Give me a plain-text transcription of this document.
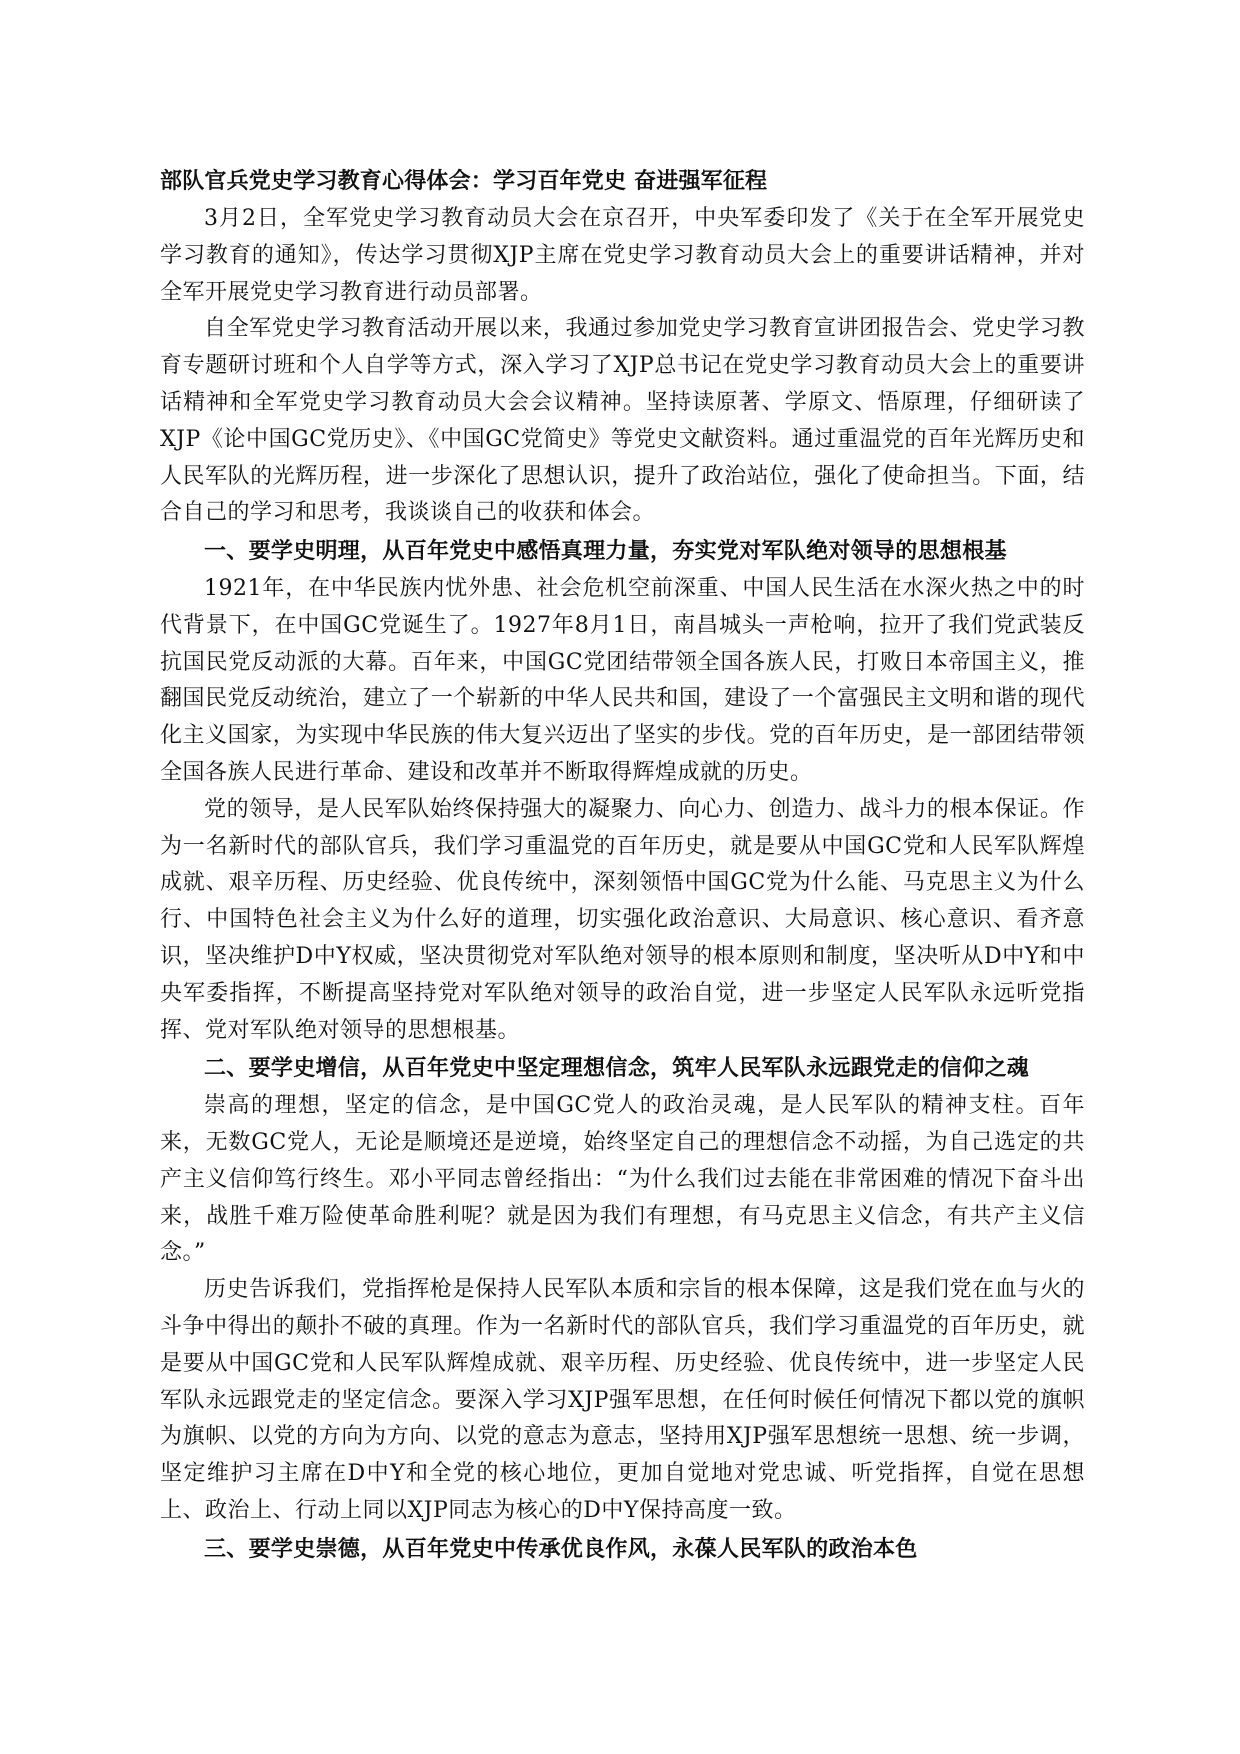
部队官兵党史学习教育心得体会：学习百年党史 奋进强军征程

3月2日，全军党史学习教育动员大会在京召开，中央军委印发了《关于在全军开展党史学习教育的通知》，传达学习贯彻XJP主席在党史学习教育动员大会上的重要讲话精神，并对全军开展党史学习教育进行动员部署。

自全军党史学习教育活动开展以来，我通过参加党史学习教育宣讲团报告会、党史学习教育专题研讨班和个人自学等方式，深入学习了XJP总书记在党史学习教育动员大会上的重要讲话精神和全军党史学习教育动员大会会议精神。坚持读原著、学原文、悟原理，仔细研读了XJP《论中国GC党历史》、《中国GC党简史》等党史文献资料。通过重温党的百年光辉历史和人民军队的光辉历程，进一步深化了思想认识，提升了政治站位，强化了使命担当。下面，结合自己的学习和思考，我谈谈自己的收获和体会。

一、要学史明理，从百年党史中感悟真理力量，夯实党对军队绝对领导的思想根基

1921年，在中华民族内忧外患、社会危机空前深重、中国人民生活在水深火热之中的时代背景下，在中国GC党诞生了。1927年8月1日，南昌城头一声枪响，拉开了我们党武装反抗国民党反动派的大幕。百年来，中国GC党团结带领全国各族人民，打败日本帝国主义，推翻国民党反动统治，建立了一个崭新的中华人民共和国，建设了一个富强民主文明和谐的现代化主义国家，为实现中华民族的伟大复兴迈出了坚实的步伐。党的百年历史，是一部团结带领全国各族人民进行革命、建设和改革并不断取得辉煌成就的历史。

党的领导，是人民军队始终保持强大的凝聚力、向心力、创造力、战斗力的根本保证。作为一名新时代的部队官兵，我们学习重温党的百年历史，就是要从中国GC党和人民军队辉煌成就、艰辛历程、历史经验、优良传统中，深刻领悟中国GC党为什么能、马克思主义为什么行、中国特色社会主义为什么好的道理，切实强化政治意识、大局意识、核心意识、看齐意识，坚决维护D中Y权威，坚决贯彻党对军队绝对领导的根本原则和制度，坚决听从D中Y和中央军委指挥，不断提高坚持党对军队绝对领导的政治自觉，进一步坚定人民军队永远听党指挥、党对军队绝对领导的思想根基。

二、要学史增信，从百年党史中坚定理想信念，筑牢人民军队永远跟党走的信仰之魂

崇高的理想，坚定的信念，是中国GC党人的政治灵魂，是人民军队的精神支柱。百年来，无数GC党人，无论是顺境还是逆境，始终坚定自己的理想信念不动摇，为自己选定的共产主义信仰笃行终生。邓小平同志曾经指出：“为什么我们过去能在非常困难的情况下奋斗出来，战胜千难万险使革命胜利呢？就是因为我们有理想，有马克思主义信念，有共产主义信念。”

历史告诉我们，党指挥枪是保持人民军队本质和宗旨的根本保障，这是我们党在血与火的斗争中得出的颠扑不破的真理。作为一名新时代的部队官兵，我们学习重温党的百年历史，就是要从中国GC党和人民军队辉煌成就、艰辛历程、历史经验、优良传统中，进一步坚定人民军队永远跟党走的坚定信念。要深入学习XJP强军思想，在任何时候任何情况下都以党的旗帜为旗帜、以党的方向为方向、以党的意志为意志，坚持用XJP强军思想统一思想、统一步调，坚定维护习主席在D中Y和全党的核心地位，更加自觉地对党忠诚、听党指挥，自觉在思想上、政治上、行动上同以XJP同志为核心的D中Y保持高度一致。

三、要学史崇德，从百年党史中传承优良作风，永葆人民军队的政治本色
